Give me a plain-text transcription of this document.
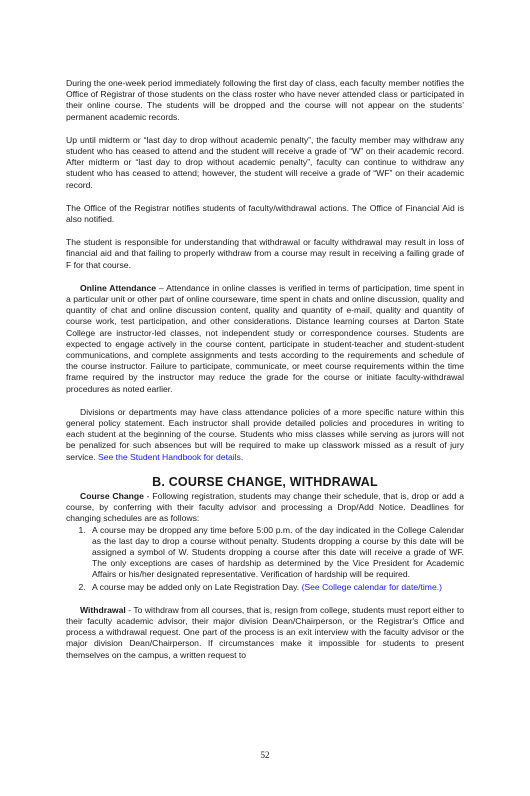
During the one-week period immediately following the first day of class, each faculty member notifies the Office of Registrar of those students on the class roster who have never attended class or participated in their online course. The students will be dropped and the course will not appear on the students’ permanent academic records.

Up until midterm or “last day to drop without academic penalty”, the faculty member may withdraw any student who has ceased to attend and the student will receive a grade of “W” on their academic record. After midterm or “last day to drop without academic penalty”, faculty can continue to withdraw any student who has ceased to attend; however, the student will receive a grade of “WF” on their academic record.

The Office of the Registrar notifies students of faculty/withdrawal actions. The Office of Financial Aid is also notified.

The student is responsible for understanding that withdrawal or faculty withdrawal may result in loss of financial aid and that failing to properly withdraw from a course may result in receiving a failing grade of F for that course.

Online Attendance – Attendance in online classes is verified in terms of participation, time spent in a particular unit or other part of online courseware, time spent in chats and online discussion, quality and quantity of chat and online discussion content, quality and quantity of e-mail, quality and quantity of course work, test participation, and other considerations. Distance learning courses at Darton State College are instructor-led classes, not independent study or correspondence courses. Students are expected to engage actively in the course content, participate in student-teacher and student-student communications, and complete assignments and tests according to the requirements and schedule of the course instructor. Failure to participate, communicate, or meet course requirements within the time frame required by the instructor may reduce the grade for the course or initiate faculty-withdrawal procedures as noted earlier.

Divisions or departments may have class attendance policies of a more specific nature within this general policy statement. Each instructor shall provide detailed policies and procedures in writing to each student at the beginning of the course. Students who miss classes while serving as jurors will not be penalized for such absences but will be required to make up classwork missed as a result of jury service. See the Student Handbook for details.

B. COURSE CHANGE, WITHDRAWAL

Course Change - Following registration, students may change their schedule, that is, drop or add a course, by conferring with their faculty advisor and processing a Drop/Add Notice. Deadlines for changing schedules are as follows:

1. A course may be dropped any time before 5:00 p.m. of the day indicated in the College Calendar as the last day to drop a course without penalty. Students dropping a course by this date will be assigned a symbol of W. Students dropping a course after this date will receive a grade of WF. The only exceptions are cases of hardship as determined by the Vice President for Academic Affairs or his/her designated representative. Verification of hardship will be required.
2. A course may be added only on Late Registration Day. (See College calendar for date/time.)

Withdrawal - To withdraw from all courses, that is, resign from college, students must report either to their faculty academic advisor, their major division Dean/Chairperson, or the Registrar's Office and process a withdrawal request. One part of the process is an exit interview with the faculty advisor or the major division Dean/Chairperson. If circumstances make it impossible for students to present themselves on the campus, a written request to

52
